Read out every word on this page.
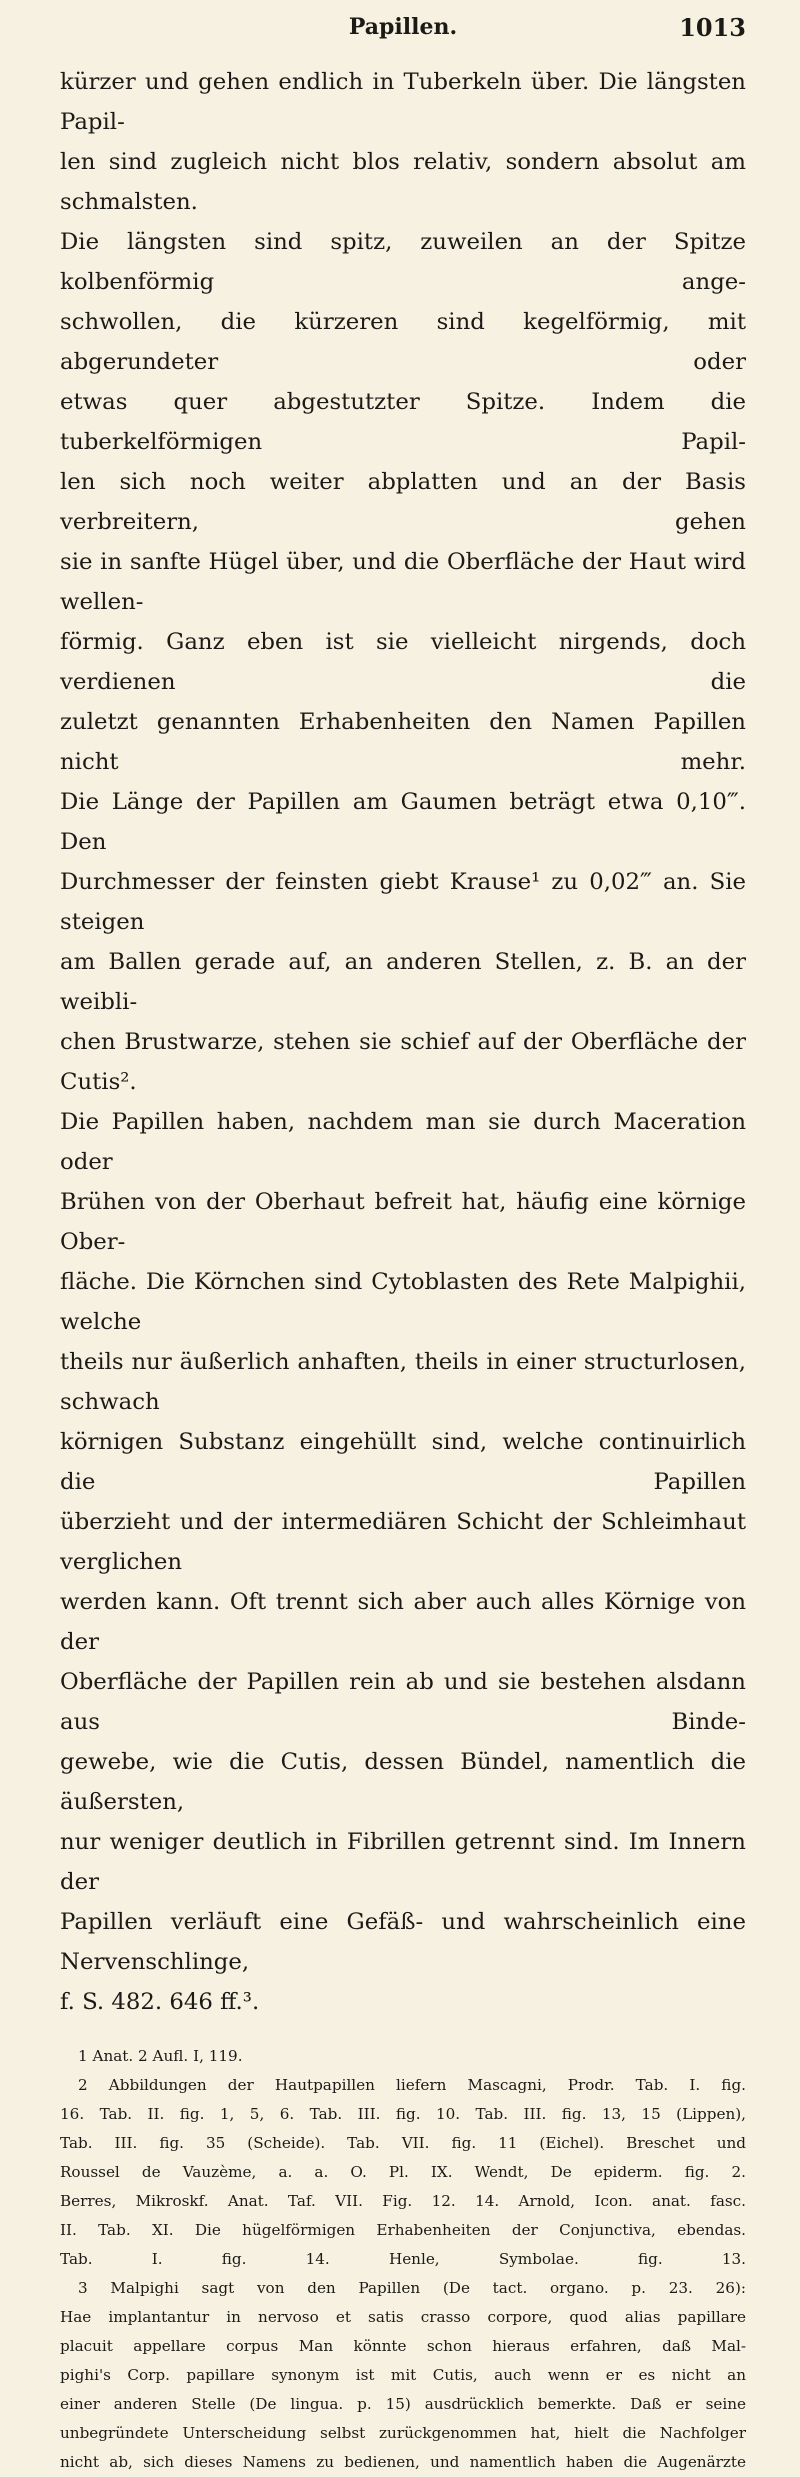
Papillen.	1013

kürzer und gehen endlich in Tuberkeln über. Die längsten Papil-

len sind zugleich nicht blos relativ, sondern absolut am schmalsten.

Die längsten sind spitz, zuweilen an der Spitze kolbenförmig ange-

schwollen, die kürzeren sind kegelförmig, mit abgerundeter oder

etwas quer abgestutzter Spitze. Indem die tuberkelförmigen Papil-

len sich noch weiter abplatten und an der Basis verbreitern, gehen

sie in sanfte Hügel über, und die Oberfläche der Haut wird wellen-

förmig. Ganz eben ist sie vielleicht nirgends, doch verdienen die

zuletzt genannten Erhabenheiten den Namen Papillen nicht mehr.

Die Länge der Papillen am Gaumen beträgt etwa 0,10‴. Den

Durchmesser der feinsten giebt Krause¹ zu 0,02‴ an. Sie steigen

am Ballen gerade auf, an anderen Stellen, z. B. an der weibli-

chen Brustwarze, stehen sie schief auf der Oberfläche der Cutis².

Die Papillen haben, nachdem man sie durch Maceration oder

Brühen von der Oberhaut befreit hat, häufig eine körnige Ober-

fläche. Die Körnchen sind Cytoblasten des Rete Malpighii, welche

theils nur äußerlich anhaften, theils in einer structurlosen, schwach

körnigen Substanz eingehüllt sind, welche continuirlich die Papillen

überzieht und der intermediären Schicht der Schleimhaut verglichen

werden kann. Oft trennt sich aber auch alles Körnige von der

Oberfläche der Papillen rein ab und sie bestehen alsdann aus Binde-

gewebe, wie die Cutis, dessen Bündel, namentlich die äußersten,

nur weniger deutlich in Fibrillen getrennt sind. Im Innern der

Papillen verläuft eine Gefäß- und wahrscheinlich eine Nervenschlinge,

f. S. 482. 646 ff.³.

1 Anat. 2 Aufl. I, 119.

2 Abbildungen der Hautpapillen liefern Mascagni, Prodr. Tab. I. fig.

16. Tab. II. fig. 1, 5, 6. Tab. III. fig. 10. Tab. III. fig. 13, 15 (Lippen),

Tab. III. fig. 35 (Scheide). Tab. VII. fig. 11 (Eichel). Breschet und

Roussel de Vauzème, a. a. O. Pl. IX. Wendt, De epiderm. fig. 2.

Berres, Mikroskf. Anat. Taf. VII. Fig. 12. 14. Arnold, Icon. anat. fasc.

II. Tab. XI. Die hügelförmigen Erhabenheiten der Conjunctiva, ebendas.

Tab. I. fig. 14. Henle, Symbolae. fig. 13.

3 Malpighi sagt von den Papillen (De tact. organo. p. 23. 26):

Hae implantantur in nervoso et satis crasso corpore, quod alias papillare

placuit appellare corpus Man könnte schon hieraus erfahren, daß Mal-

pighi's Corp. papillare synonym ist mit Cutis, auch wenn er es nicht an

einer anderen Stelle (De lingua. p. 15) ausdrücklich bemerkte. Daß er seine

unbegründete Unterscheidung selbst zurückgenommen hat, hielt die Nachfolger

nicht ab, sich dieses Namens zu bedienen, und namentlich haben die Augenärzte
